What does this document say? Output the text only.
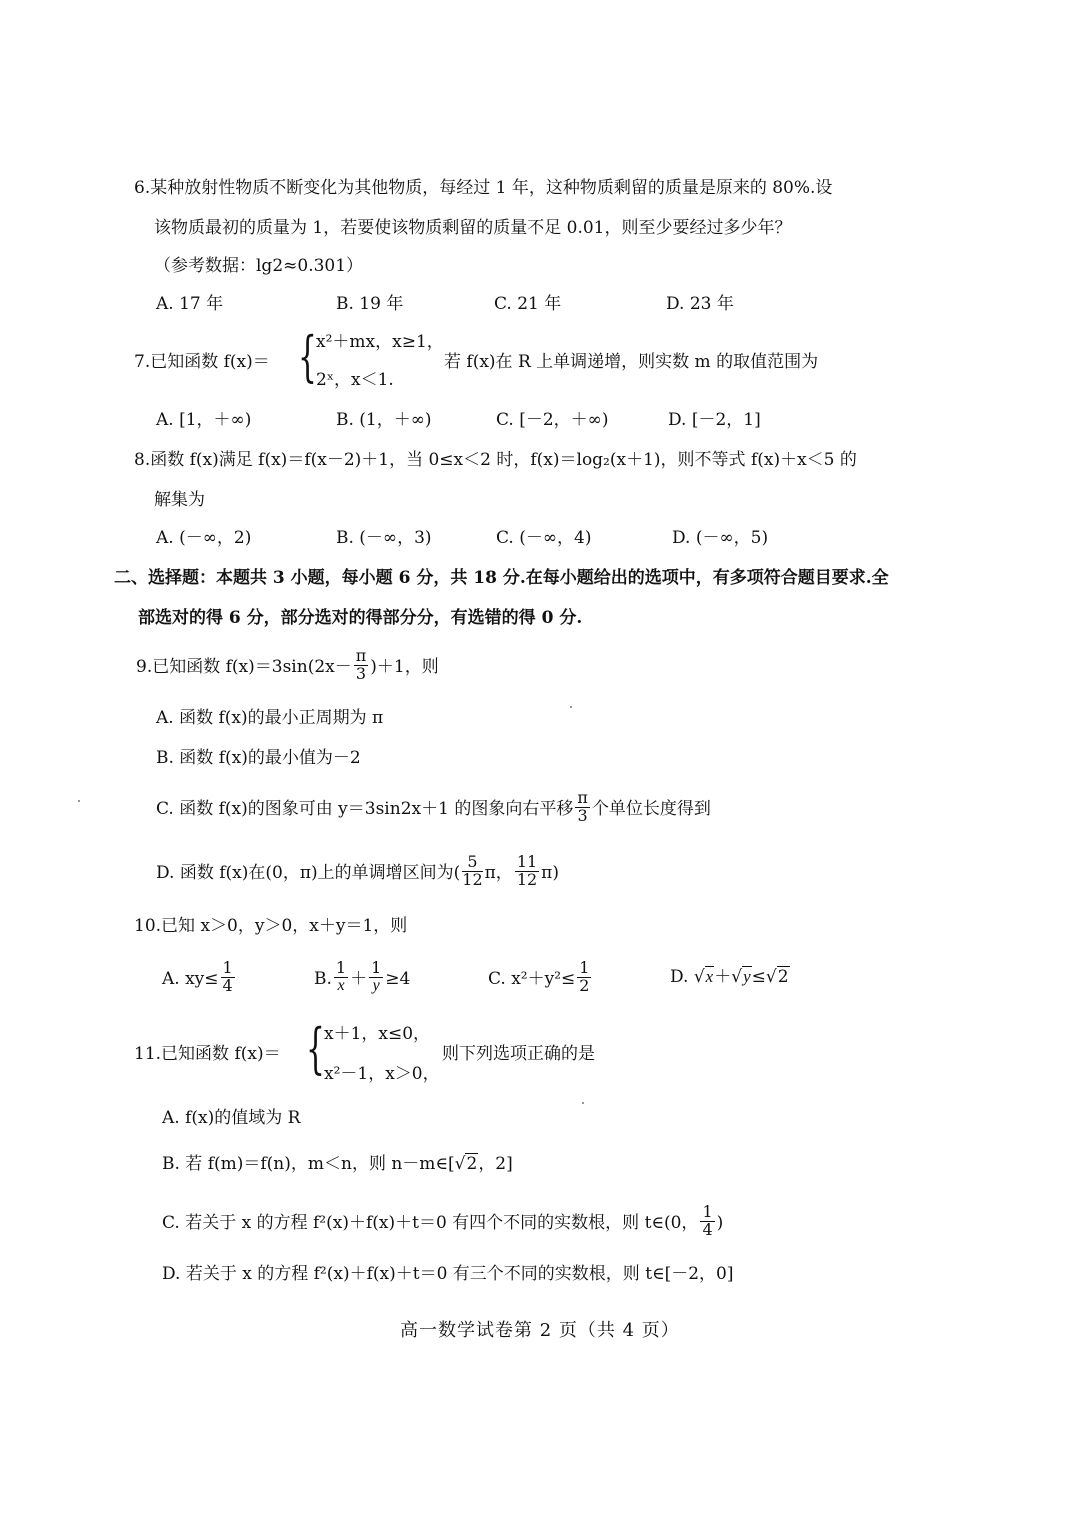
6.某种放射性物质不断变化为其他物质，每经过 1 年，这种物质剩留的质量是原来的 80%.设
该物质最初的质量为 1，若要使该物质剩留的质量不足 0.01，则至少要经过多少年？
（参考数据：lg2≈0.301）
A. 17 年	B. 19 年	C. 21 年	D. 23 年
7.已知函数 f(x)＝ { x²＋mx，x≥1，
2ˣ，x＜1.
若 f(x)在 R 上单调递增，则实数 m 的取值范围为
A. [1，＋∞)	B. (1，＋∞)	C. [－2，＋∞)	D. [－2，1]
8.函数 f(x)满足 f(x)＝f(x－2)＋1，当 0≤x＜2 时，f(x)＝log₂(x＋1)，则不等式 f(x)＋x＜5 的
解集为
A. (－∞，2)	B. (－∞，3)	C. (－∞，4)	D. (－∞，5)
二、选择题：本题共 3 小题，每小题 6 分，共 18 分.在每小题给出的选项中，有多项符合题目要求.全
部选对的得 6 分，部分选对的得部分分，有选错的得 0 分.
9.已知函数 $f(x)=3\sin(2x- \frac{\pi}{3} )+1$，则
A. 函数 f(x)的最小正周期为 π
B. 函数 f(x)的最小值为－2
C. 函数 f(x)的图象可由 y＝3sin2x＋1 的图象向右平移 $\frac{\pi}{3}$ 个单位长度得到
D. 函数 f(x)在(0，π)上的单调增区间为( $\frac{5}{12}$ π， $\frac{11}{12} \pi$)
10.已知 x＞0，y＞0，x＋y＝1，则
A. $xy\le \frac{1}{4}$	B. $\frac{1}{x} + \frac{1}{y} \ge 4$	C. $x^2+y^2\le \frac{1}{2}$	D. √x＋√y≤√2
11.已知函数 f(x)＝ { x＋1，x≤0，
x²－1，x＞0，
则下列选项正确的是
A. f(x)的值域为 R
B. 若 f(m)＝f(n)，m＜n，则 n－m∈[√2，2]
C. 若关于 x 的方程 f²(x)＋f(x)＋t＝0 有四个不同的实数根，则 t∈(0， $\frac{1}{4}$ )
D. 若关于 x 的方程 f²(x)＋f(x)＋t＝0 有三个不同的实数根，则 t∈[－2，0]
高一数学试卷第 2 页（共 4 页）
